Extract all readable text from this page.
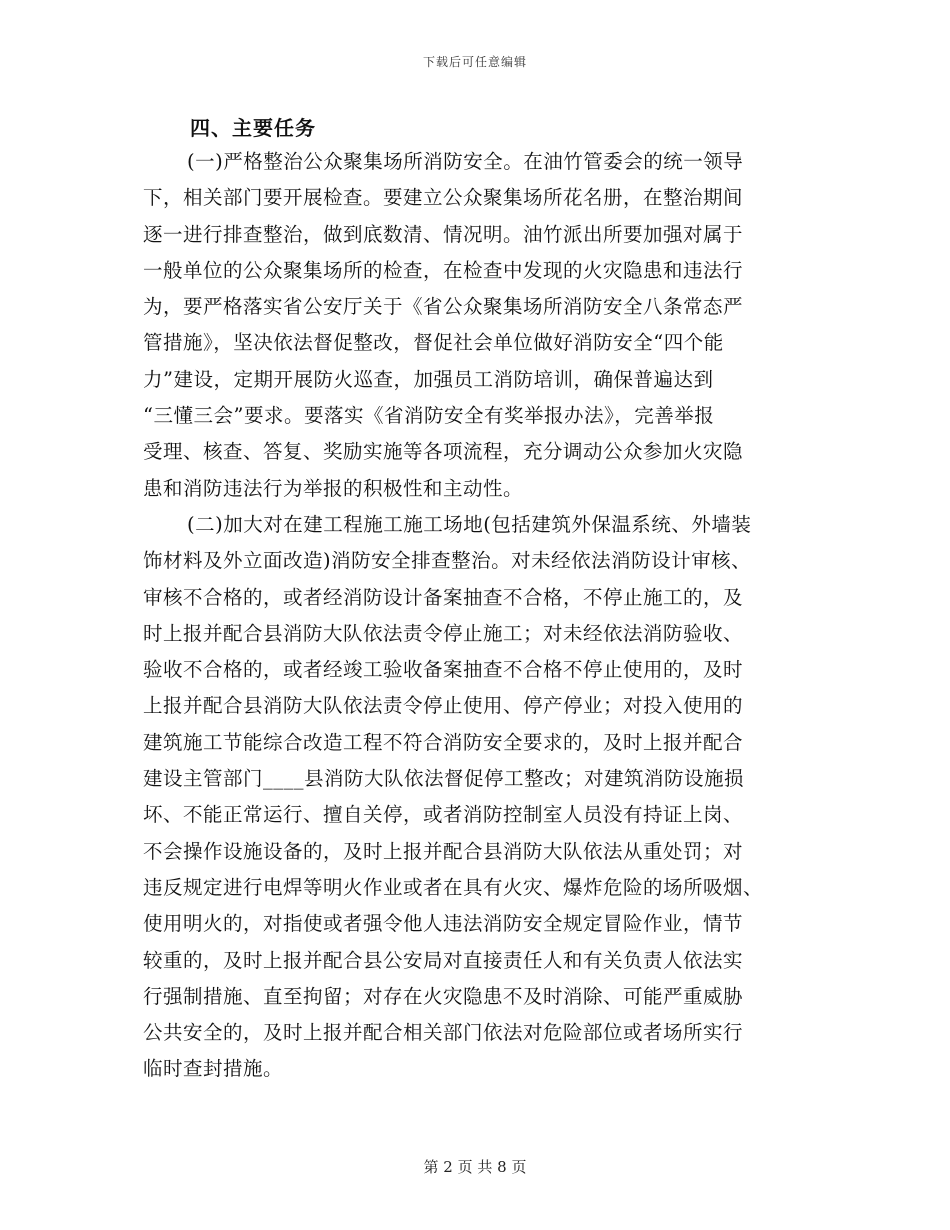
下载后可任意编辑
四、主要任务
(一)严格整治公众聚集场所消防安全。在油竹管委会的统一领导
下，相关部门要开展检查。要建立公众聚集场所花名册，在整治期间
逐一进行排查整治，做到底数清、情况明。油竹派出所要加强对属于
一般单位的公众聚集场所的检查，在检查中发现的火灾隐患和违法行
为，要严格落实省公安厅关于《省公众聚集场所消防安全八条常态严
管措施》，坚决依法督促整改，督促社会单位做好消防安全“四个能
力”建设，定期开展防火巡查，加强员工消防培训，确保普遍达到
“三懂三会”要求。要落实《省消防安全有奖举报办法》，完善举报
受理、核查、答复、奖励实施等各项流程，充分调动公众参加火灾隐
患和消防违法行为举报的积极性和主动性。
(二)加大对在建工程施工施工场地(包括建筑外保温系统、外墙装
饰材料及外立面改造)消防安全排查整治。对未经依法消防设计审核、
审核不合格的，或者经消防设计备案抽查不合格，不停止施工的，及
时上报并配合县消防大队依法责令停止施工；对未经依法消防验收、
验收不合格的，或者经竣工验收备案抽查不合格不停止使用的，及时
上报并配合县消防大队依法责令停止使用、停产停业；对投入使用的
建筑施工节能综合改造工程不符合消防安全要求的，及时上报并配合
建设主管部门____县消防大队依法督促停工整改；对建筑消防设施损
坏、不能正常运行、擅自关停，或者消防控制室人员没有持证上岗、
不会操作设施设备的，及时上报并配合县消防大队依法从重处罚；对
违反规定进行电焊等明火作业或者在具有火灾、爆炸危险的场所吸烟、
使用明火的，对指使或者强令他人违法消防安全规定冒险作业，情节
较重的，及时上报并配合县公安局对直接责任人和有关负责人依法实
行强制措施、直至拘留；对存在火灾隐患不及时消除、可能严重威胁
公共安全的，及时上报并配合相关部门依法对危险部位或者场所实行
临时查封措施。
第 2 页 共 8 页
